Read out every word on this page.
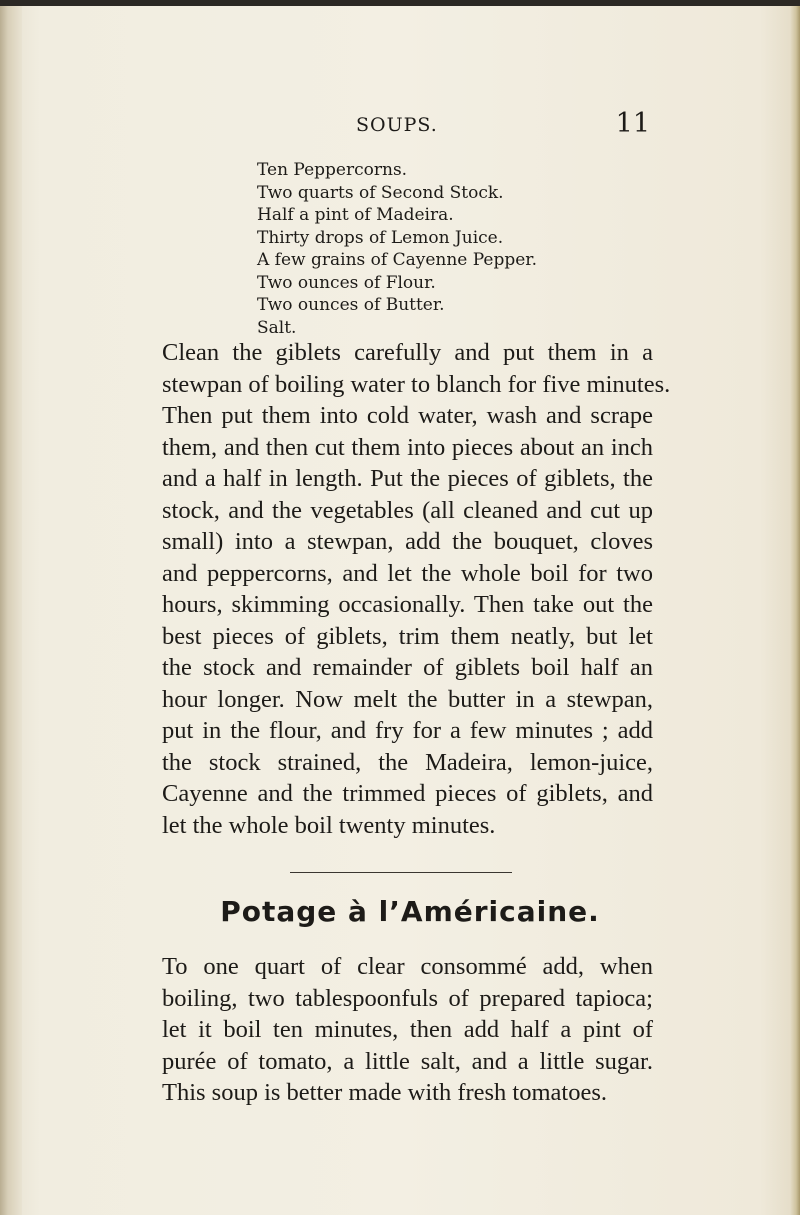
SOUPS.	11
Ten Peppercorns.
Two quarts of Second Stock.
Half a pint of Madeira.
Thirty drops of Lemon Juice.
A few grains of Cayenne Pepper.
Two ounces of Flour.
Two ounces of Butter.
Salt.
Clean the giblets carefully and put them in a
stewpan of boiling water to blanch for five minutes.
Then put them into cold water, wash and scrape
them, and then cut them into pieces about an inch
and a half in length. Put the pieces of giblets, the
stock, and the vegetables (all cleaned and cut up
small) into a stewpan, add the bouquet, cloves
and peppercorns, and let the whole boil for two
hours, skimming occasionally. Then take out the
best pieces of giblets, trim them neatly, but let
the stock and remainder of giblets boil half an
hour longer. Now melt the butter in a stewpan,
put in the flour, and fry for a few minutes ; add
the stock strained, the Madeira, lemon-juice,
Cayenne and the trimmed pieces of giblets, and
let the whole boil twenty minutes.
Potage à l’Américaine.
To one quart of clear consommé add, when
boiling, two tablespoonfuls of prepared tapioca;
let it boil ten minutes, then add half a pint of
purée of tomato, a little salt, and a little sugar.
This soup is better made with fresh tomatoes.
